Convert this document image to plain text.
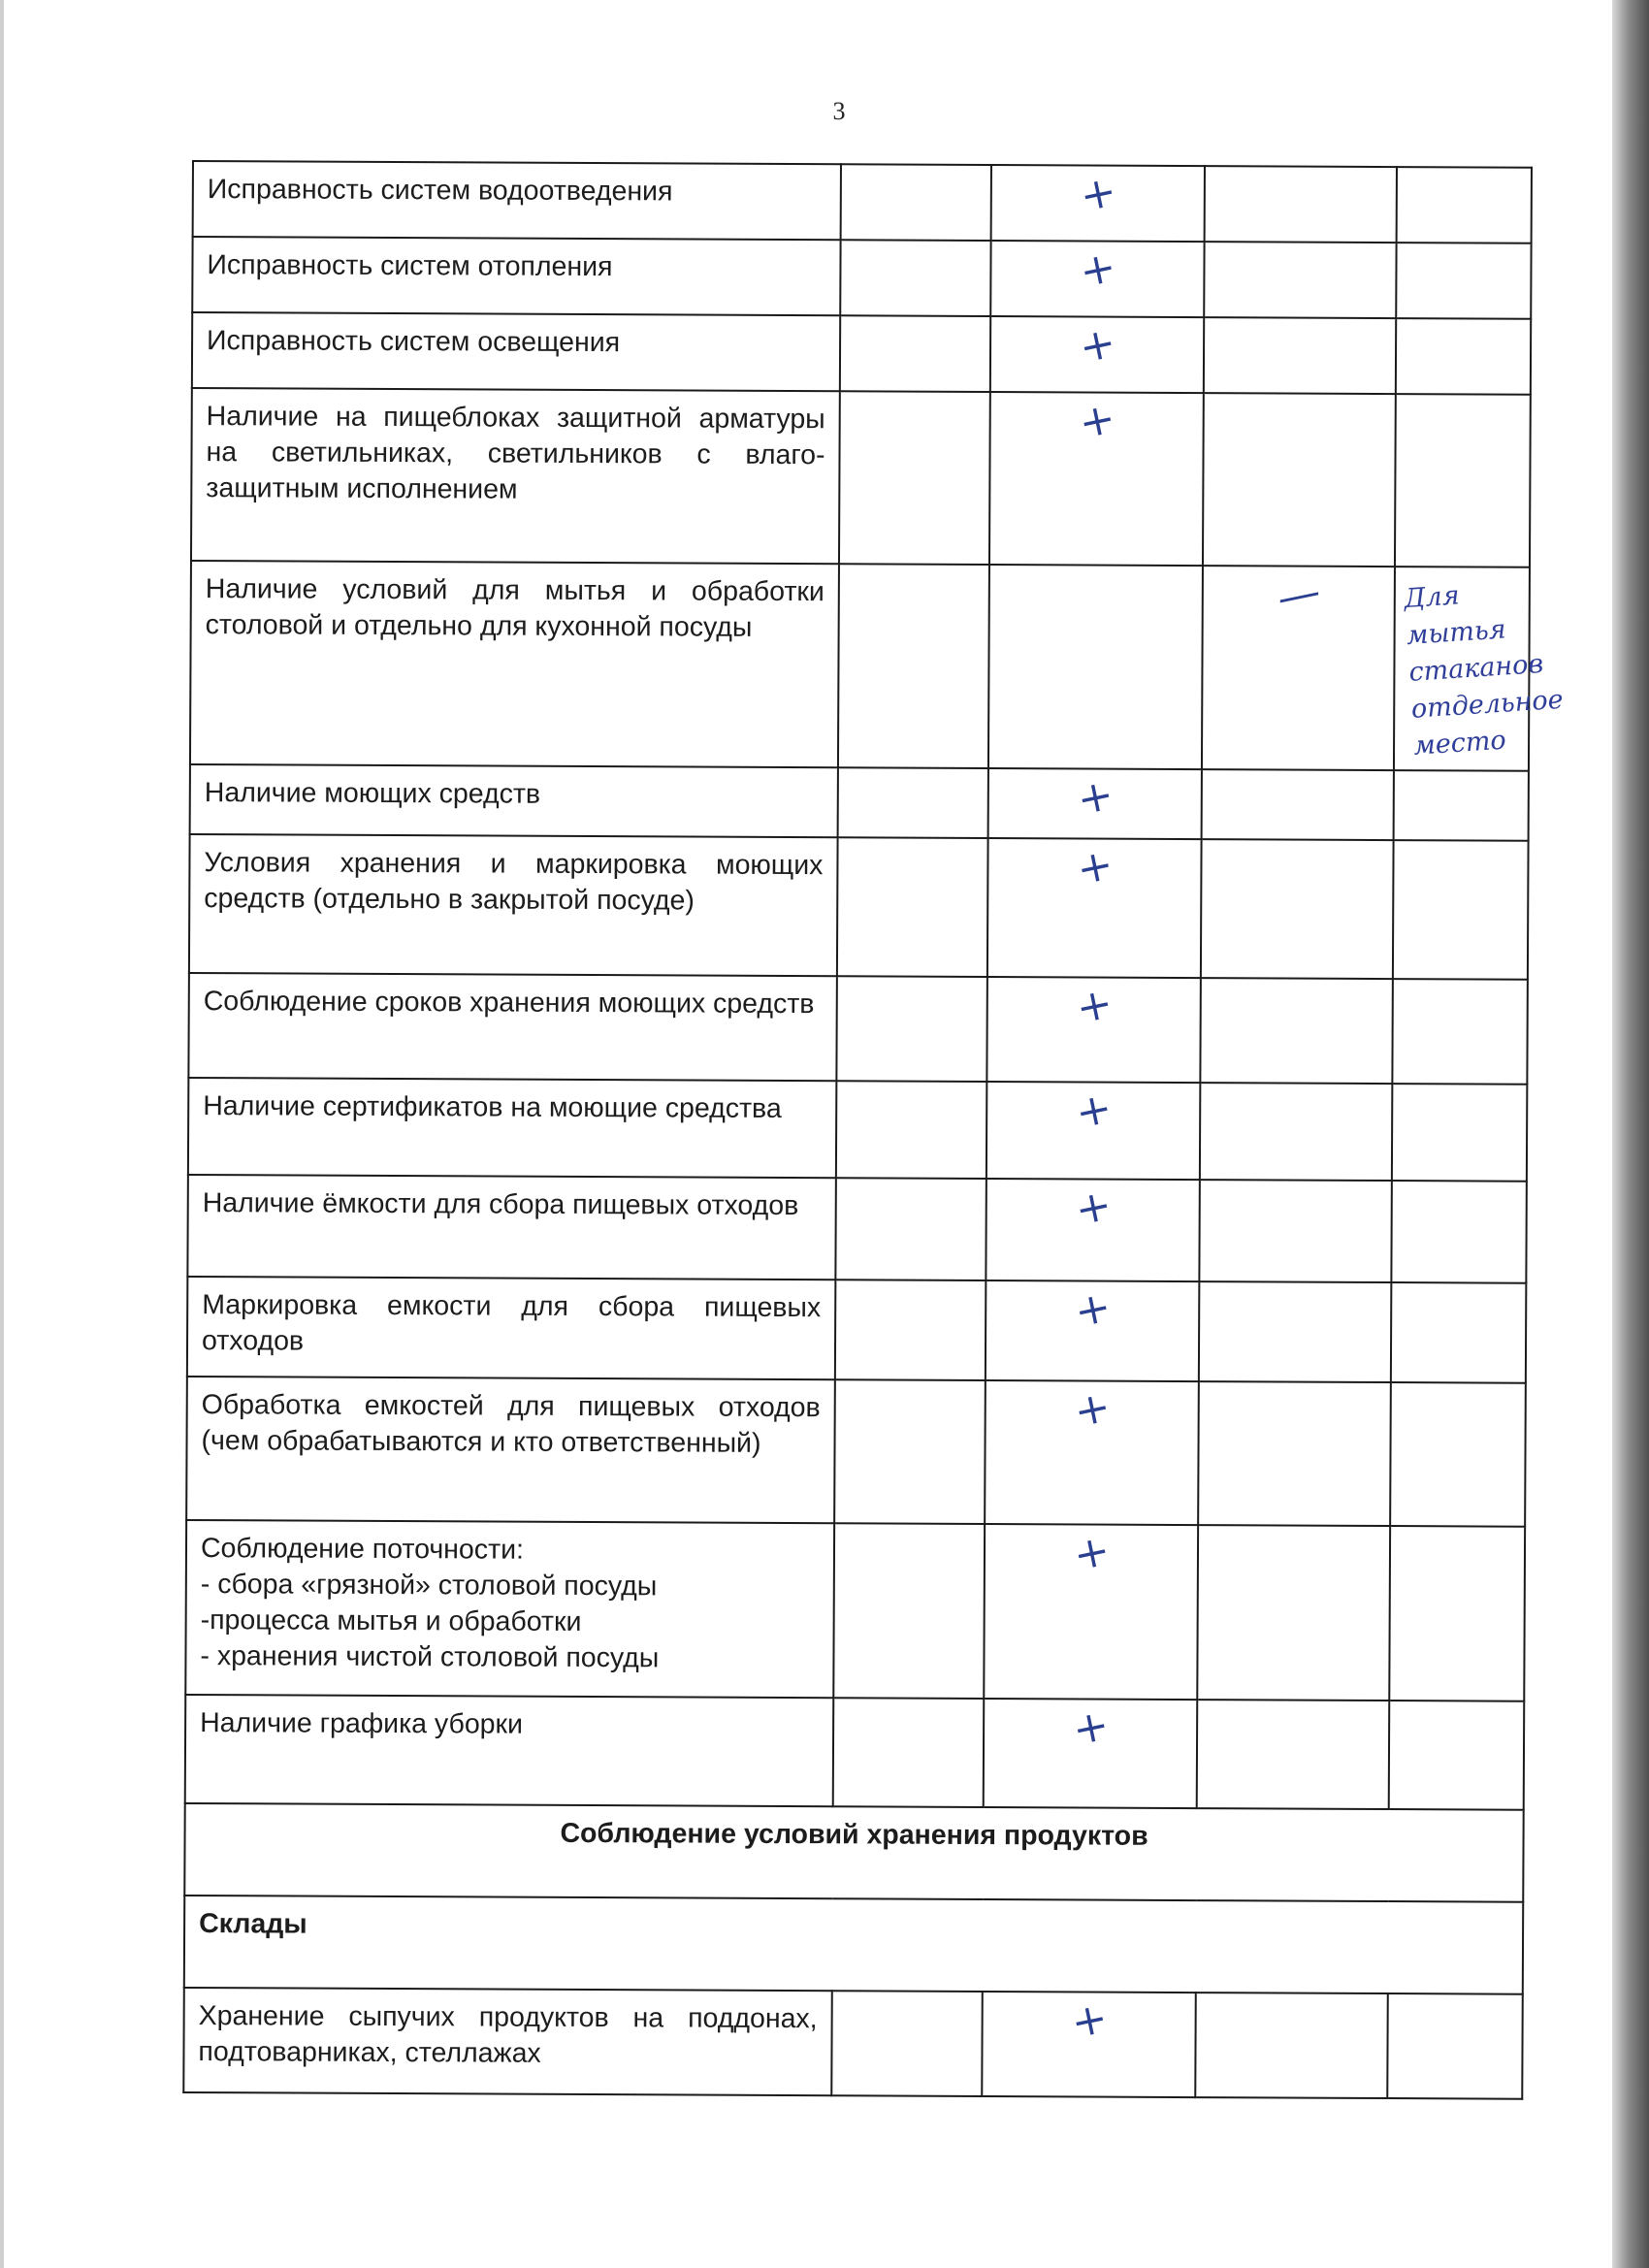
3
Исправность систем водоотведения		+		
Исправность систем отопления		+		
Исправность систем освещения		+		
Наличие на пищеблоках защитной арматуры на светильниках, светильников с влаго-защитным исполнением		+		
Наличие условий для мытья и обработки столовой и отдельно для кухонной посуды			—	Для мытья стаканов отдельное место

Наличие моющих средств		+		
Условия хранения и маркировка моющих средств (отдельно в закрытой посуде)		+		
Соблюдение сроков хранения моющих средств		+		
Наличие сертификатов на моющие средства		+		
Наличие ёмкости для сбора пищевых отходов		+		
Маркировка емкости для сбора пищевых отходов		+		
Обработка емкостей для пищевых отходов (чем обрабатываются и кто ответственный)		+		

Соблюдение поточности:
- сбора «грязной» столовой посуды
-процесса мытья и обработки
- хранения чистой столовой посуды		+		
Наличие графика уборки		+		
Соблюдение условий хранения продуктов				
Склады				
Хранение сыпучих продуктов на поддонах, подтоварниках, стеллажах		+		
